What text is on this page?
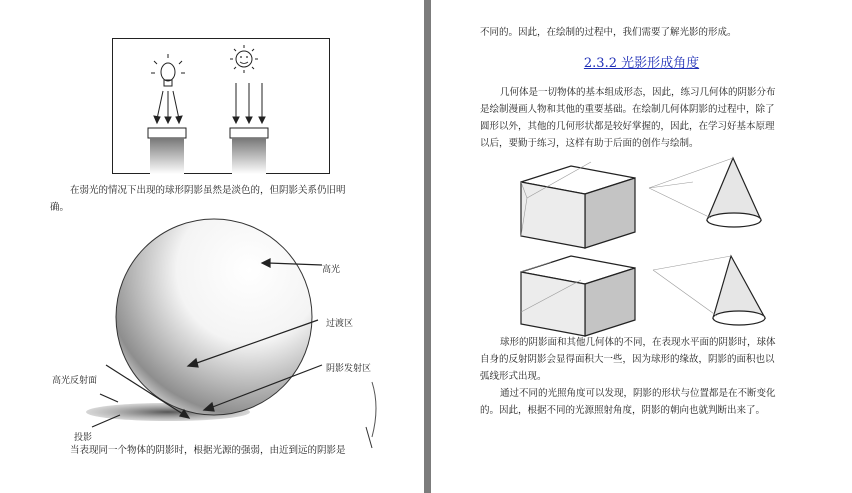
在弱光的情况下出现的球形阴影虽然是淡色的，但阴影关系仍旧明

确。

高光
过渡区
阴影发射区
高光反射面
投影

当表现同一个物体的阴影时，根据光源的强弱，由近到远的阴影是

不同的。因此，在绘制的过程中，我们需要了解光影的形成。

2.3.2 光影形成角度

几何体是一切物体的基本组成形态，因此，练习几何体的阴影分布

是绘制漫画人物和其他的重要基础。在绘制几何体阴影的过程中，除了

圆形以外，其他的几何形状都是较好掌握的，因此，在学习好基本原理

以后，要勤于练习，这样有助于后面的创作与绘制。

球形的阴影面和其他几何体的不同，在表现水平面的阴影时，球体

自身的反射阴影会显得面积大一些，因为球形的缘故，阴影的面积也以

弧线形式出现。

通过不同的光照角度可以发现，阴影的形状与位置都是在不断变化

的。因此，根据不同的光源照射角度，阴影的朝向也就判断出来了。
